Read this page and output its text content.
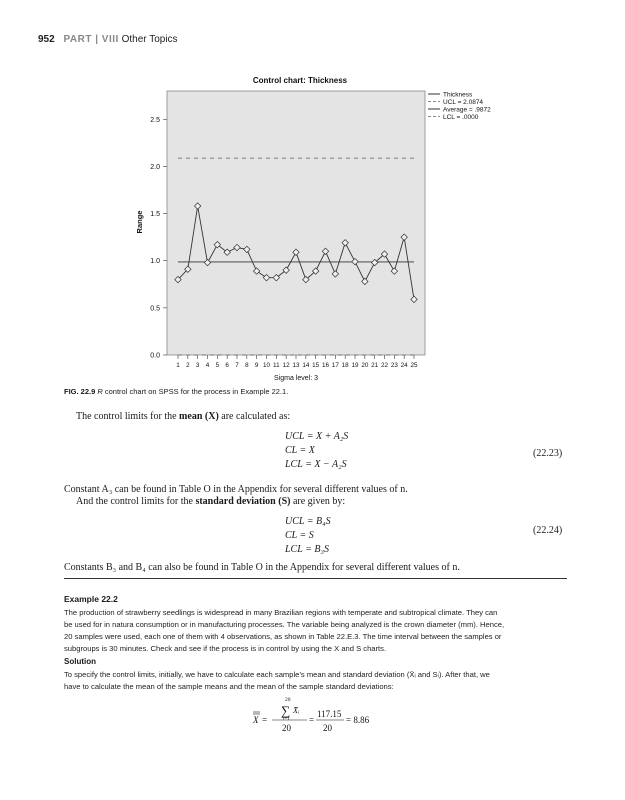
952 PART | VIII Other Topics
Control chart: Thickness
0.0
0.5
1.0
1.5
2.0
2.5
1 2 3 4 5 6 7 8 9 10 11 12 13 14 15 16 17 18 19 20 21 22 23 24 25
Range
Sigma level: 3
Thickness
UCL = 2.0874
Average = .9872
LCL = .0000
FIG. 22.9 R control chart on SPSS for the process in Example 22.1.
The control limits for the mean (X) are calculated as:
UCL = X + A₂S
CL = X
LCL = X − A₂S
(22.23)
Constant A₃ can be found in Table O in the Appendix for several different values of n.
And the control limits for the standard deviation (S) are given by:
UCL = B₄S
CL = S
LCL = B₃S
(22.24)
Constants B₃ and B₄ can also be found in Table O in the Appendix for several different values of n.
Example 22.2
The production of strawberry seedlings is widespread in many Brazilian regions with temperate and subtropical climate. They can
be used for in natura consumption or in manufacturing processes. The variable being analyzed is the crown diameter (mm). Hence,
20 samples were used, each one of them with 4 observations, as shown in Table 22.E.3. The time interval between the samples or
subgroups is 30 minutes. Check and see if the process is in control by using the X and S charts.
Solution
To specify the control limits, initially, we have to calculate each sample’s mean and standard deviation (X̄ᵢ and Sᵢ). After that, we
have to calculate the mean of the sample means and the mean of the sample standard deviations:
X =
20
∑ X̄ᵢ
i=1
20
=
117.15
20
= 8.86
